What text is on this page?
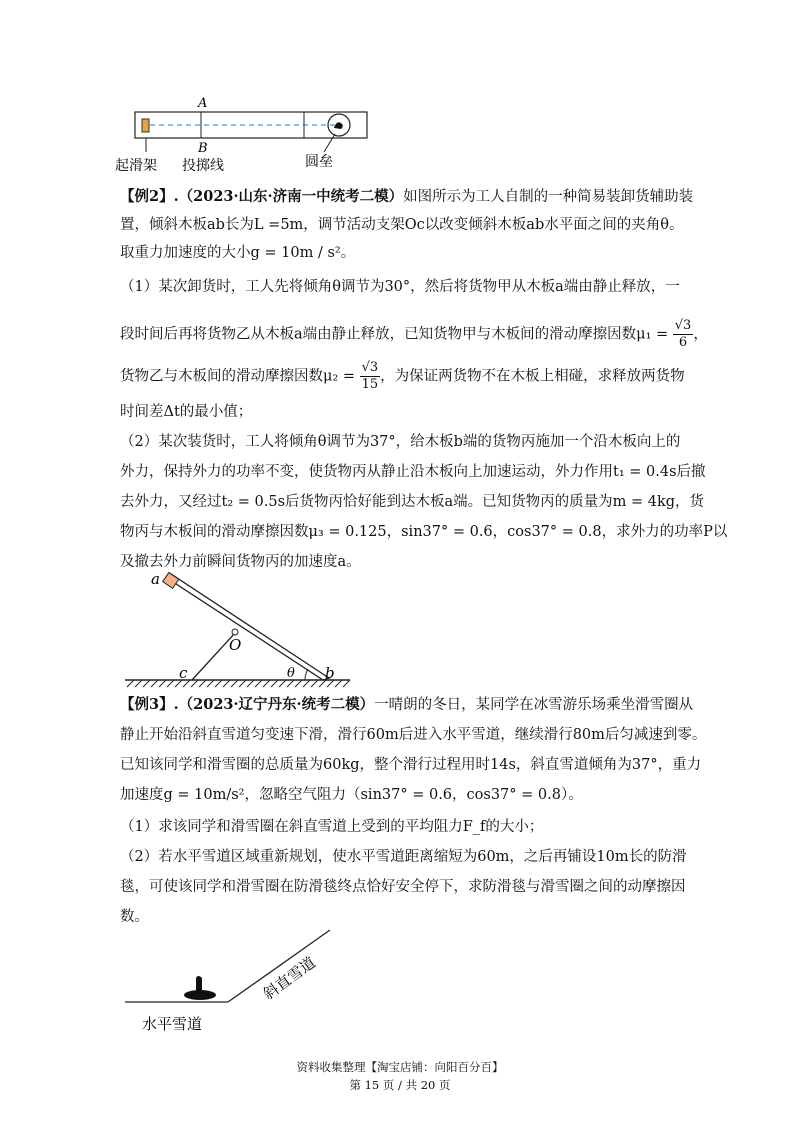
A
B
起滑架 投掷线	圆垒
【例2】.（2023·山东·济南一中统考二模）如图所示为工人自制的一种简易装卸货辅助装
置，倾斜木板ab长为L =5m，调节活动支架Oc以改变倾斜木板ab水平面之间的夹角θ。
取重力加速度的大小g = 10m / s²。
（1）某次卸货时，工人先将倾角θ调节为30°，然后将货物甲从木板a端由静止释放，一
段时间后再将货物乙从木板a端由静止释放，已知货物甲与木板间的滑动摩擦因数$\mu_1 = \frac{√3}{6}$ ，
货物乙与木板间的滑动摩擦因数$\mu_2 = \frac{√3}{15}$ ，为保证两货物不在木板上相碰，求释放两货物
时间差Δt的最小值；
（2）某次装货时，工人将倾角θ调节为37°，给木板b端的货物丙施加一个沿木板向上的
外力，保持外力的功率不变，使货物丙从静止沿木板向上加速运动，外力作用t₁ = 0.4s后撤
去外力，又经过t₂ = 0.5s后货物丙恰好能到达木板a端。已知货物丙的质量为m = 4kg，货
物丙与木板间的滑动摩擦因数μ₃ = 0.125，sin37° = 0.6，cos37° = 0.8，求外力的功率P以
及撤去外力前瞬间货物丙的加速度a。
a
O
c	θ b
【例3】.（2023·辽宁丹东·统考二模）一晴朗的冬日，某同学在冰雪游乐场乘坐滑雪圈从
静止开始沿斜直雪道匀变速下滑，滑行60m后进入水平雪道，继续滑行80m后匀减速到零。
已知该同学和滑雪圈的总质量为60kg，整个滑行过程用时14s，斜直雪道倾角为37°，重力
加速度g = 10m/s²，忽略空气阻力（sin37° = 0.6，cos37° = 0.8）。
（1）求该同学和滑雪圈在斜直雪道上受到的平均阻力F_f的大小；
（2）若水平雪道区域重新规划，使水平雪道距离缩短为60m，之后再铺设10m长的防滑
毯，可使该同学和滑雪圈在防滑毯终点恰好安全停下，求防滑毯与滑雪圈之间的动摩擦因
数。
斜直雪道
水平雪道
资料收集整理【淘宝店铺：向阳百分百】
第 15 页 / 共 20 页
